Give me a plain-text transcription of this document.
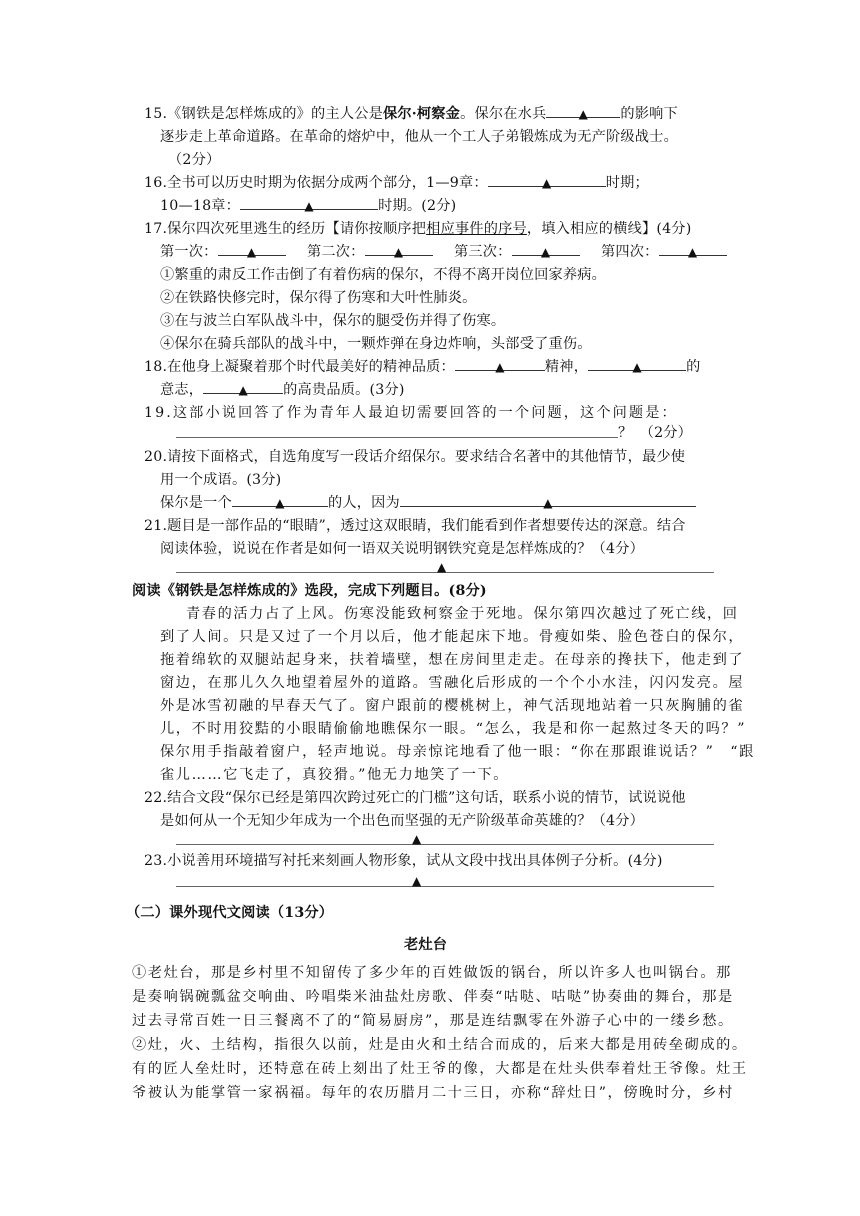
15.《钢铁是怎样炼成的》的主人公是保尔·柯察金。保尔在水兵	▲ 的影响下
逐步走上革命道路。在革命的熔炉中，他从一个工人子弟锻炼成为无产阶级战士。
（2分）
16.全书可以历史时期为依据分成两个部分，1—9章：	▲	时期；
10—18章：	▲	时期。(2分)
17.保尔四次死里逃生的经历【请你按顺序把相应事件的序号，填入相应的横线】(4分)
第一次： ▲	第二次： ▲	第三次： ▲	第四次： ▲
①繁重的肃反工作击倒了有着伤病的保尔，不得不离开岗位回家养病。
②在铁路快修完时，保尔得了伤寒和大叶性肺炎。
③在与波兰白军队战斗中，保尔的腿受伤并得了伤寒。
④保尔在骑兵部队的战斗中，一颗炸弹在身边炸响，头部受了重伤。
18.在他身上凝聚着那个时代最美好的精神品质：	▲	精神，	▲	的
意志，	▲ 的高贵品质。(3分)
19.这部小说回答了作为青年人最迫切需要回答的一个问题，这个问题是：
？　（2分）
20.请按下面格式，自选角度写一段话介绍保尔。要求结合名著中的其他情节，最少使
用一个成语。(3分)
保尔是一个	▲	的人，因为	▲
21.题目是一部作品的“眼睛”，透过这双眼睛，我们能看到作者想要传达的深意。结合
阅读体验，说说在作者是如何一语双关说明钢铁究竟是怎样炼成的？（4分）
▲
阅读《钢铁是怎样炼成的》选段，完成下列题目。(8分)
青春的活力占了上风。伤寒没能致柯察金于死地。保尔第四次越过了死亡线，回
到了人间。只是又过了一个月以后，他才能起床下地。骨瘦如柴、脸色苍白的保尔，
拖着绵软的双腿站起身来，扶着墙壁，想在房间里走走。在母亲的搀扶下，他走到了
窗边，在那儿久久地望着屋外的道路。雪融化后形成的一个个小水洼，闪闪发亮。屋
外是冰雪初融的早春天气了。窗户跟前的樱桃树上，神气活现地站着一只灰胸脯的雀
儿，不时用狡黠的小眼睛偷偷地瞧保尔一眼。“怎么，我是和你一起熬过冬天的吗？”
保尔用手指敲着窗户，轻声地说。母亲惊诧地看了他一眼：“你在那跟谁说话？”　“跟
雀儿……它飞走了，真狡猾。”他无力地笑了一下。
22.结合文段“保尔已经是第四次跨过死亡的门槛”这句话，联系小说的情节，试说说他
是如何从一个无知少年成为一个出色而坚强的无产阶级革命英雄的？（4分）
▲
23.小说善用环境描写衬托来刻画人物形象，试从文段中找出具体例子分析。(4分)
▲
（二）课外现代文阅读（13分）
老灶台
①老灶台，那是乡村里不知留传了多少年的百姓做饭的锅台，所以许多人也叫锅台。那
是奏响锅碗瓢盆交响曲、吟唱柴米油盐灶房歌、伴奏“咕哒、咕哒”协奏曲的舞台，那是
过去寻常百姓一日三餐离不了的“简易厨房”，那是连结飘零在外游子心中的一缕乡愁。
②灶，火、土结构，指很久以前，灶是由火和土结合而成的，后来大都是用砖垒砌成的。
有的匠人垒灶时，还特意在砖上刻出了灶王爷的像，大都是在灶头供奉着灶王爷像。灶王
爷被认为能掌管一家祸福。每年的农历腊月二十三日，亦称“辞灶日”，傍晚时分，乡村
